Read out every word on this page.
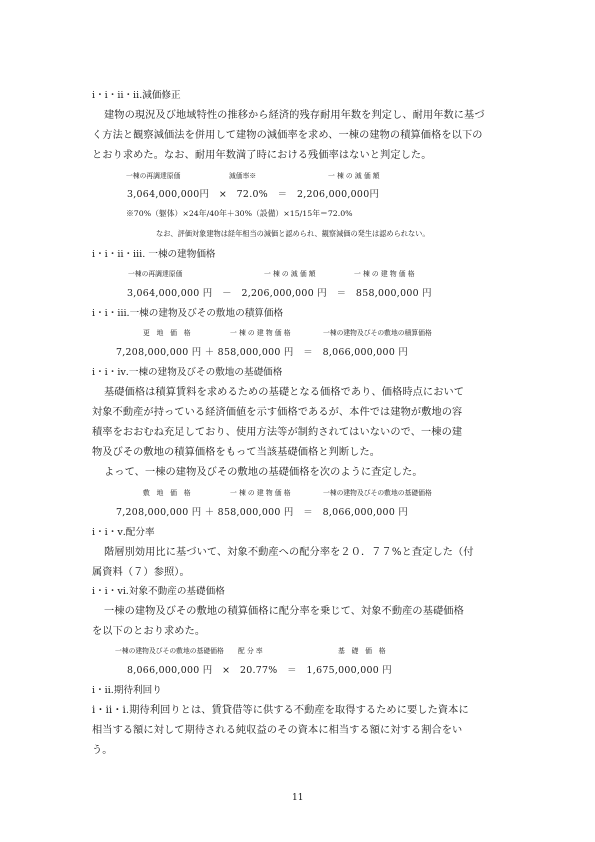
i・i・ⅱ・ⅱ.減価修正
建物の現況及び地域特性の推移から経済的残存耐用年数を判定し、耐用年数に基づ
く方法と観察減価法を併用して建物の減価率を求め、一棟の建物の積算価格を以下の
とおり求めた。なお、耐用年数満了時における残価率はないと判定した。
一棟の再調達原価	減価率※	一 棟 の 減 価 額
3,064,000,000円　×　72.0%　＝　2,206,000,000円
※70%（躯体）×24年/40年＋30%（設備）×15/15年＝72.0%
なお、評価対象建物は経年相当の減価と認められ、観察減価の発生は認められない。
i・i・ⅱ・ⅲ. 一棟の建物価格
一棟の再調達原価	一 棟 の 減 価 額	一 棟 の 建 物 価 格
3,064,000,000 円　－　2,206,000,000 円　＝　858,000,000 円
i・i・ⅲ.一棟の建物及びその敷地の積算価格
更　地　価　格	一 棟 の 建 物 価 格	一棟の建物及びその敷地の積算価格
7,208,000,000 円 ＋ 858,000,000 円　＝　8,066,000,000 円
i・i・ⅳ.一棟の建物及びその敷地の基礎価格
基礎価格は積算賃料を求めるための基礎となる価格であり、価格時点において
対象不動産が持っている経済価値を示す価格であるが、本件では建物が敷地の容
積率をおおむね充足しており、使用方法等が制約されてはいないので、一棟の建
物及びその敷地の積算価格をもって当該基礎価格と判断した。
よって、一棟の建物及びその敷地の基礎価格を次のように査定した。
敷　地　価　格	一 棟 の 建 物 価 格	一棟の建物及びその敷地の基礎価格
7,208,000,000 円 ＋ 858,000,000 円　＝　8,066,000,000 円
i・i・ⅴ.配分率
階層別効用比に基づいて、対象不動産への配分率を２０．７７%と査定した（付
属資料（７）参照）。
i・i・ⅵ.対象不動産の基礎価格
一棟の建物及びその敷地の積算価格に配分率を乗じて、対象不動産の基礎価格
を以下のとおり求めた。
一棟の建物及びその敷地の基礎価格 配 分 率	基　礎　価　格
8,066,000,000 円　×　20.77%　＝　1,675,000,000 円
i・ⅱ.期待利回り
i・ⅱ・i.期待利回りとは、賃貸借等に供する不動産を取得するために要した資本に
相当する額に対して期待される純収益のその資本に相当する額に対する割合をい
う。
11
